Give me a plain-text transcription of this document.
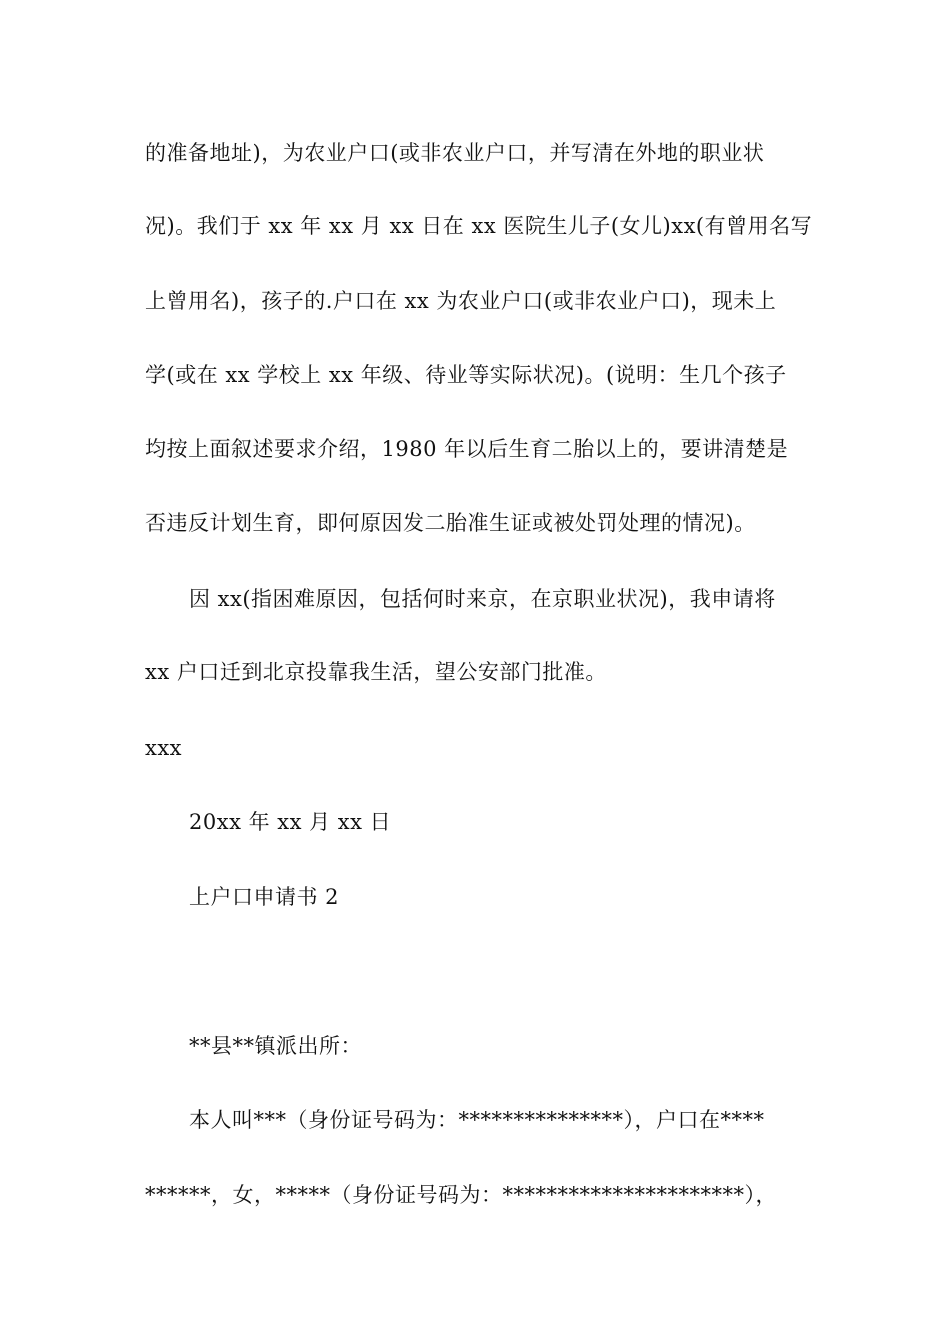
的准备地址)，为农业户口(或非农业户口，并写清在外地的职业状
况)。我们于 xx 年 xx 月 xx 日在 xx 医院生儿子(女儿)xx(有曾用名写
上曾用名)，孩子的.户口在 xx 为农业户口(或非农业户口)，现未上
学(或在 xx 学校上 xx 年级、待业等实际状况)。(说明：生几个孩子
均按上面叙述要求介绍，1980 年以后生育二胎以上的，要讲清楚是
否违反计划生育，即何原因发二胎准生证或被处罚处理的情况)。
因 xx(指困难原因，包括何时来京，在京职业状况)，我申请将
xx 户口迁到北京投靠我生活，望公安部门批准。
xxx
20xx 年 xx 月 xx 日
上户口申请书 2
**县**镇派出所：
本人叫***（身份证号码为：***************），户口在****
******，女，*****（身份证号码为：**********************），
